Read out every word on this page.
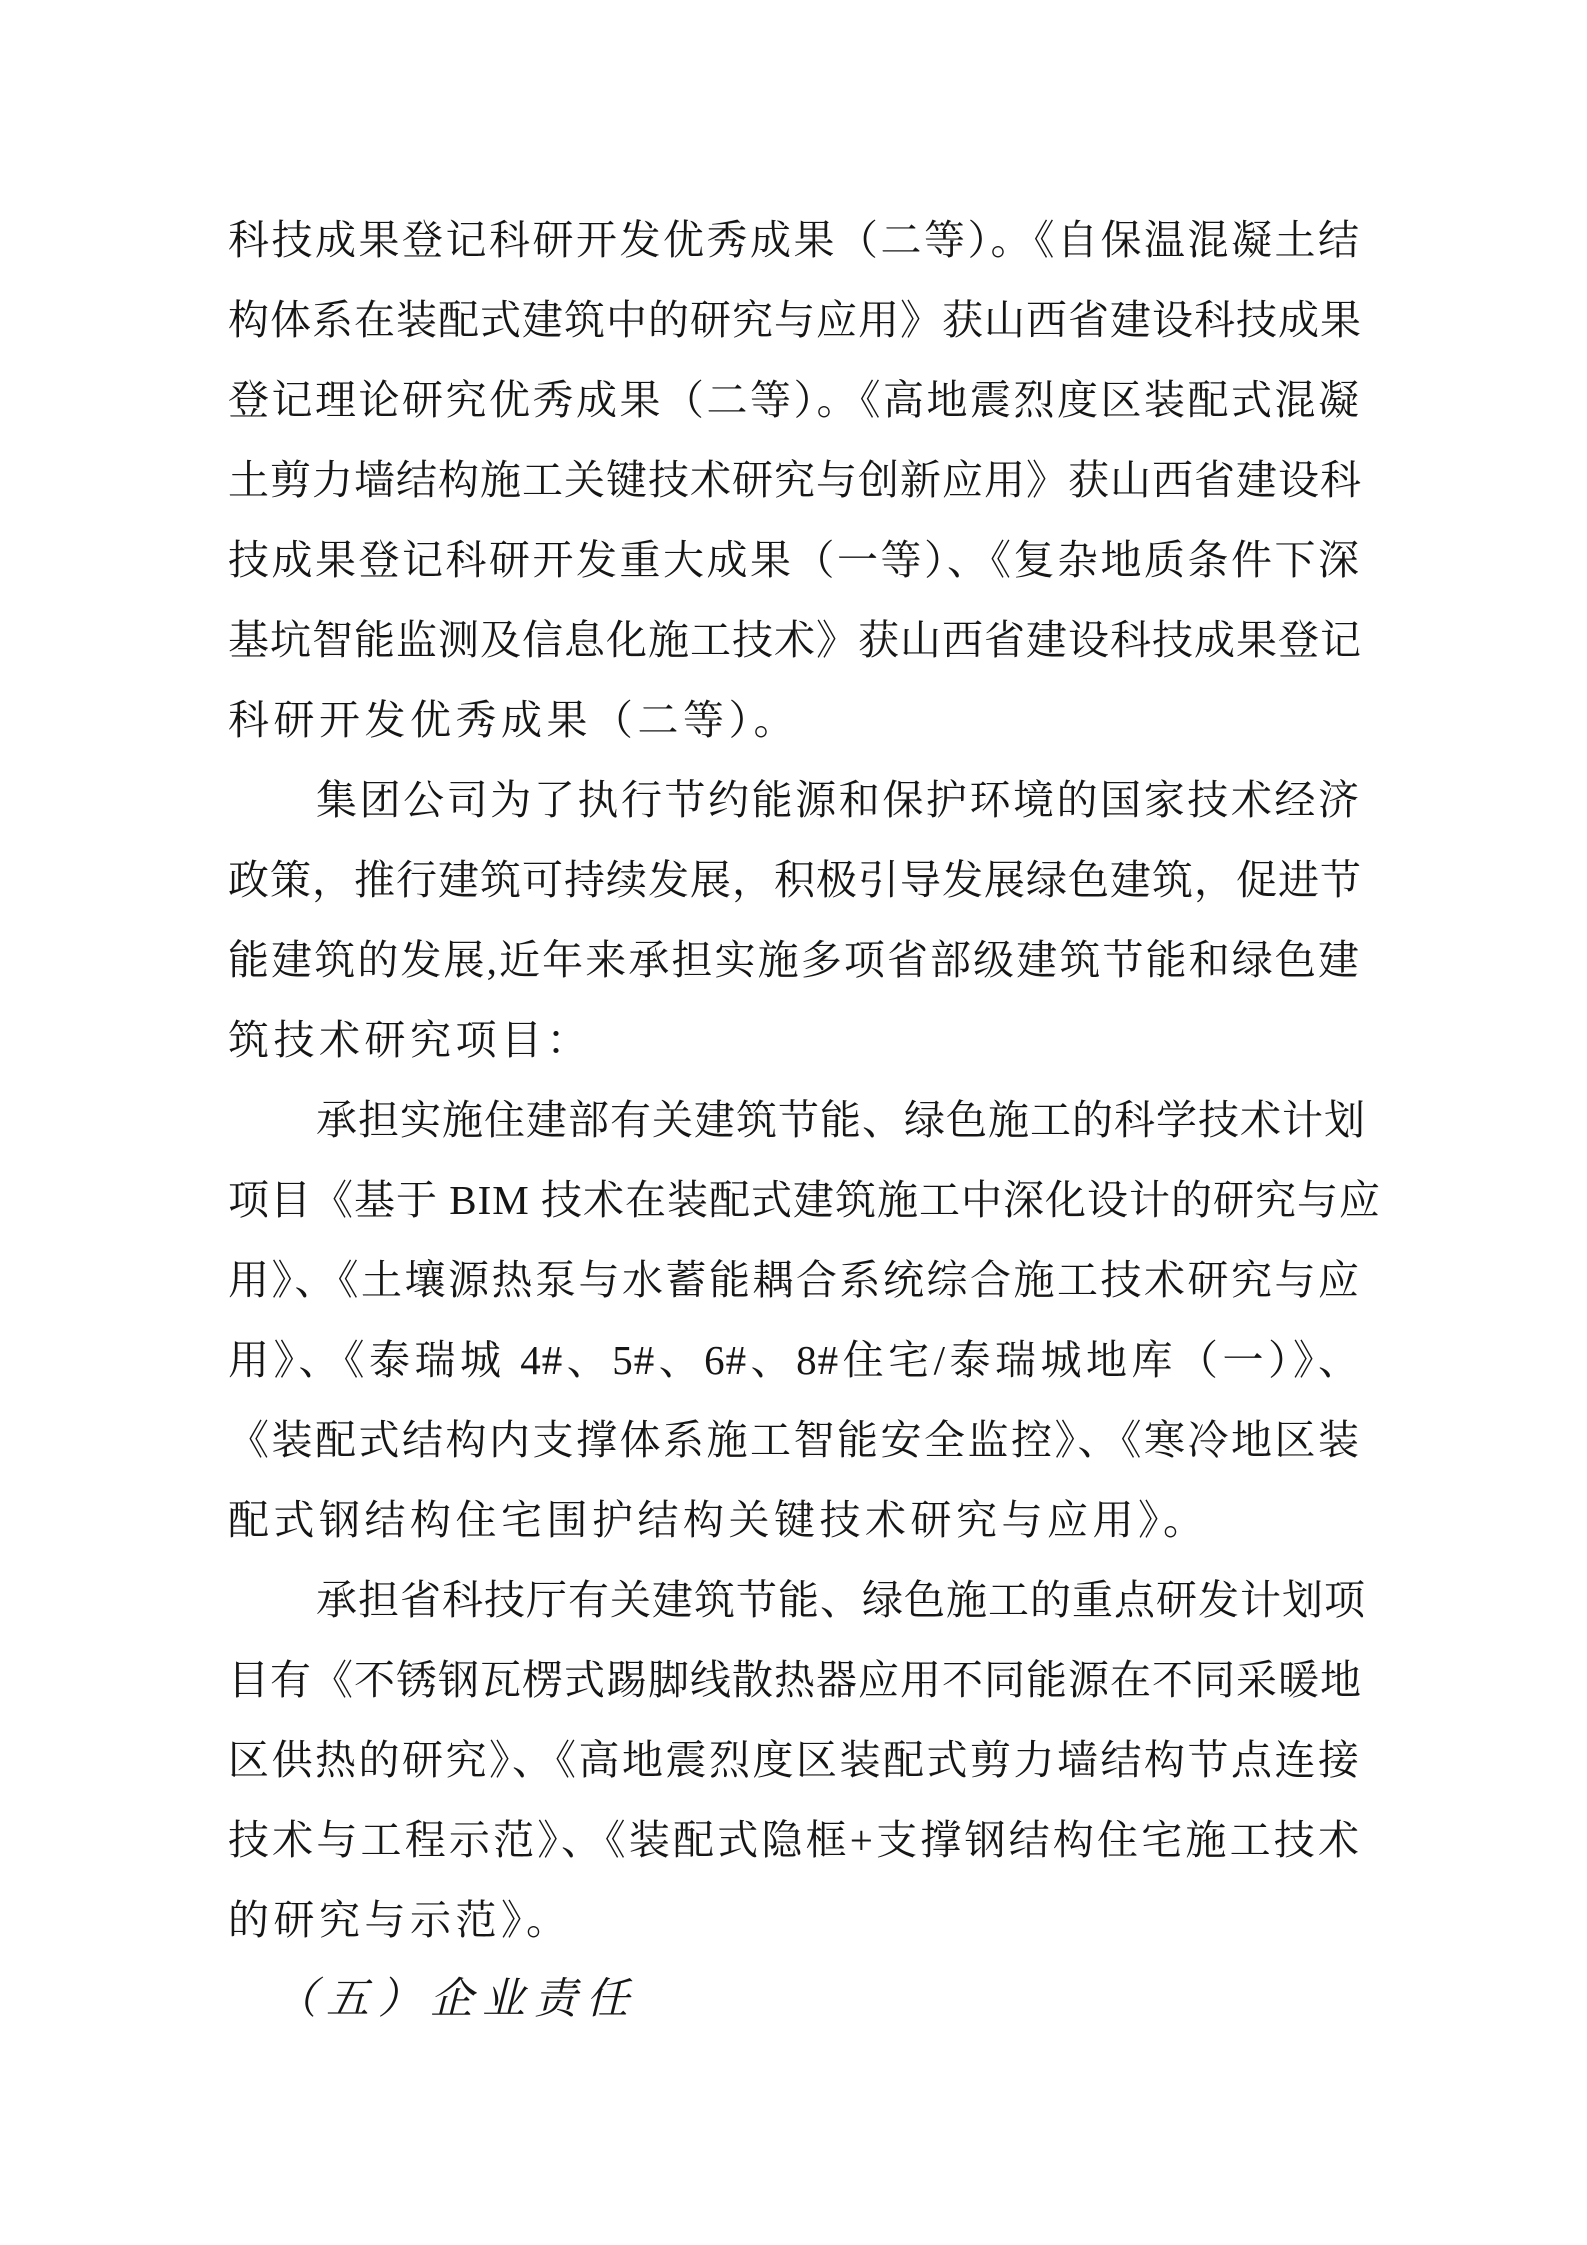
科技成果登记科研开发优秀成果（二等）。《自保温混凝土结
构体系在装配式建筑中的研究与应用》获山西省建设科技成果
登记理论研究优秀成果（二等）。《高地震烈度区装配式混凝
土剪力墙结构施工关键技术研究与创新应用》获山西省建设科
技成果登记科研开发重大成果（一等）、《复杂地质条件下深
基坑智能监测及信息化施工技术》获山西省建设科技成果登记
科研开发优秀成果（二等）。
集团公司为了执行节约能源和保护环境的国家技术经济
政策，推行建筑可持续发展，积极引导发展绿色建筑，促进节
能建筑的发展,近年来承担实施多项省部级建筑节能和绿色建
筑技术研究项目：
承担实施住建部有关建筑节能、绿色施工的科学技术计划
项目《基于 BIM 技术在装配式建筑施工中深化设计的研究与应
用》、《土壤源热泵与水蓄能耦合系统综合施工技术研究与应
用》、《泰瑞城 4#、5#、6#、8#住宅/泰瑞城地库（一）》、
《装配式结构内支撑体系施工智能安全监控》、《寒冷地区装
配式钢结构住宅围护结构关键技术研究与应用》。
承担省科技厅有关建筑节能、绿色施工的重点研发计划项
目有《不锈钢瓦楞式踢脚线散热器应用不同能源在不同采暖地
区供热的研究》、《高地震烈度区装配式剪力墙结构节点连接
技术与工程示范》、《装配式隐框+支撑钢结构住宅施工技术
的研究与示范》。
（五）企业责任
